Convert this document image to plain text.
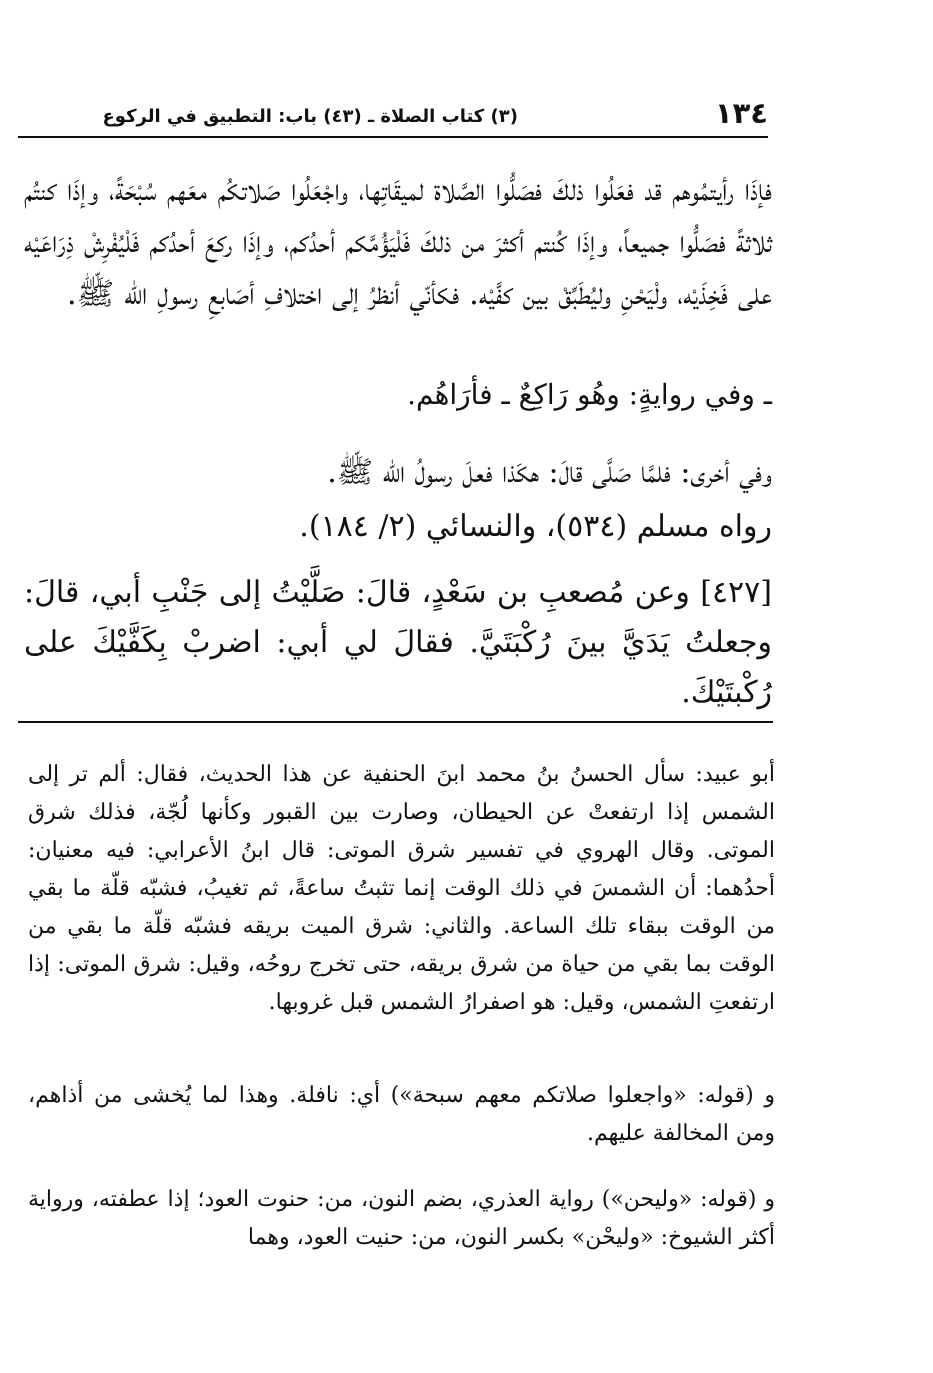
١٣٤
(٣) كتاب الصلاة ـ (٤٣) باب: التطبيق في الركوع

فإذَا رأيتمُوهم قد فعَلُوا ذلكَ فصَلُّوا الصَّلاة لميقَاتِها، واجْعَلُوا صَلاتكُم معَهم سُبْحَةً، وإذَا كنتُم ثلاثةً فصَلُّوا جميعاً، وإذَا كُنتم أكثرَ من ذلكَ فَلْيَؤُمَّكم أحدُكم، وإذَا ركعَ أحدُكم فَلْيُفْرِشْ ذِرَاعَيْه على فَخِذَيْه، ولْيَحْنِ وليُطَبِّقْ بين كفَّيْه. فكأنّي أنظرُ إلى اختلافِ أصَابعِ رسولِ الله ﷺ.

ـ وفي روايةٍ: وهُو رَاكِعٌ ـ فأرَاهُم.

وفي أخرى: فلمَّا صَلَّى قالَ: هكَذا فعلَ رسولُ الله ﷺ.

رواه مسلم (٥٣٤)، والنسائي (٢/ ١٨٤).

[٤٢٧] وعن مُصعبِ بن سَعْدٍ، قالَ: صَلَّيْتُ إلى جَنْبِ أبي، قالَ: وجعلتُ يَدَيَّ بينَ رُكْبَتَيَّ. فقالَ لي أبي: اضربْ بِكَفَّيْكَ على رُكْبتَيْكَ.

أبو عبيد: سأل الحسنُ بنُ محمد ابنَ الحنفية عن هذا الحديث، فقال: ألم تر إلى الشمس إذا ارتفعتْ عن الحيطان، وصارت بين القبور وكأنها لُجّة، فذلك شرق الموتى. وقال الهروي في تفسير شرق الموتى: قال ابنُ الأعرابي: فيه معنيان: أحدُهما: أن الشمسَ في ذلك الوقت إنما تثبتُ ساعةً، ثم تغيبُ، فشبّه قلّة ما بقي من الوقت ببقاء تلك الساعة. والثاني: شرق الميت بريقه فشبّه قلّة ما بقي من الوقت بما بقي من حياة من شرق بريقه، حتى تخرج روحُه، وقيل: شرق الموتى: إذا ارتفعتِ الشمس، وقيل: هو اصفرارُ الشمس قبل غروبها.

و (قوله: «واجعلوا صلاتكم معهم سبحة») أي: نافلة. وهذا لما يُخشى من أذاهم، ومن المخالفة عليهم.

و (قوله: «وليحن») رواية العذري، بضم النون، من: حنوت العود؛ إذا عطفته، ورواية أكثر الشيوخ: «وليحْن» بكسر النون، من: حنيت العود، وهما
